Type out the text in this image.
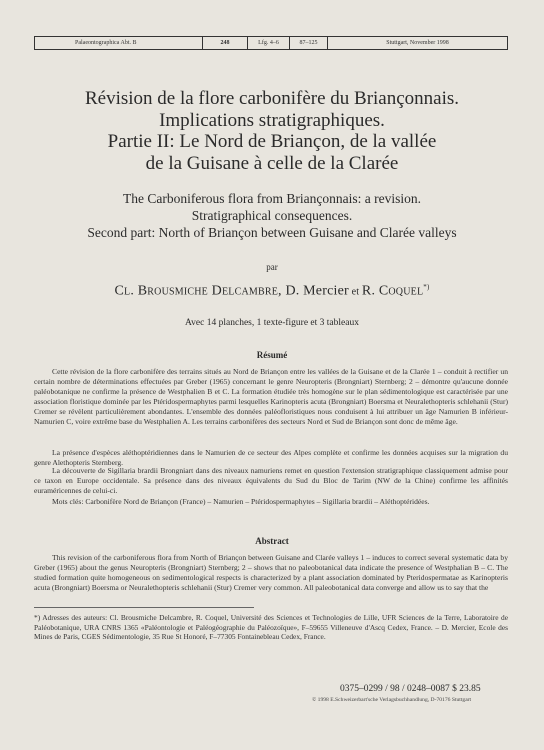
Palaeontographica Abt. B	248	Lfg. 4–6	87–125	Stuttgart, November 1998
Révision de la flore carbonifère du Briançonnais.
Implications stratigraphiques.
Partie II: Le Nord de Briançon, de la vallée
de la Guisane à celle de la Clarée
The Carboniferous flora from Briançonnais: a revision.
Stratigraphical consequences.
Second part: North of Briançon between Guisane and Clarée valleys
par
Cl. Brousmiche Delcambre, D. Mercier et R. Coquel*)
Avec 14 planches, 1 texte-figure et 3 tableaux
Résumé

Cette révision de la flore carbonifère des terrains situés au Nord de Briançon entre les vallées de la Guisane et de la Clarée 1 – conduit à rectifier un certain nombre de déterminations effectuées par Greber (1965) concernant le genre Neuropteris (Brongniart) Sternberg; 2 – démontre qu'aucune donnée paléobotanique ne confirme la présence de Westphalien B et C. La formation étudiée très homogène sur le plan sédimentologique est caractérisée par une association floristique dominée par les Ptéridospermaphytes parmi lesquelles Karinopteris acuta (Brongniart) Boersma et Neuralethopteris schlehanii (Stur) Cremer se révèlent particulièrement abondantes. L'ensemble des données paléofloristiques nous conduisent à lui attribuer un âge Namurien B inférieur-Namurien C, voire extrême base du Westphalien A. Les terrains carbonifères des secteurs Nord et Sud de Briançon sont donc de même âge.

La présence d'espèces aléthoptéridiennes dans le Namurien de ce secteur des Alpes complète et confirme les données acquises sur la migration du genre Alethopteris Sternberg.

La découverte de Sigillaria brardii Brongniart dans des niveaux namuriens remet en question l'extension stratigraphique classiquement admise pour ce taxon en Europe occidentale. Sa présence dans des niveaux équivalents du Sud du Bloc de Tarim (NW de la Chine) confirme les affinités euraméricennes de celui-ci.

Mots clés: Carbonifère Nord de Briançon (France) – Namurien – Ptéridospermaphytes – Sigillaria brardii – Aléthoptéridées.

Abstract

This revision of the carboniferous flora from North of Briançon between Guisane and Clarée valleys 1 – induces to correct several systematic data by Greber (1965) about the genus Neuropteris (Brongniart) Sternberg; 2 – shows that no paleobotanical data indicate the presence of Westphalian B – C. The studied formation quite homogeneous on sedimentological respects is characterized by a plant association dominated by Pteridospermatae as Karinopteris acuta (Brongniart) Boersma or Neuralethopteris schlehanii (Stur) Cremer very common. All paleobotanical data converge and allow us to say that the

*) Adresses des auteurs: Cl. Brousmiche Delcambre, R. Coquel, Université des Sciences et Technologies de Lille, UFR Sciences de la Terre, Laboratoire de Paléobotanique, URA CNRS 1365 «Paléontologie et Paléogéographie du Paléozoïque», F–59655 Villeneuve d'Ascq Cedex, France. – D. Mercier, Ecole des Mines de Paris, CGES Sédimentologie, 35 Rue St Honoré, F–77305 Fontainebleau Cedex, France.

0375–0299 / 98 / 0248–0087 $ 23.85
© 1998 E.Schweizerbart'sche Verlagsbuchhandlung, D-70176 Stuttgart
